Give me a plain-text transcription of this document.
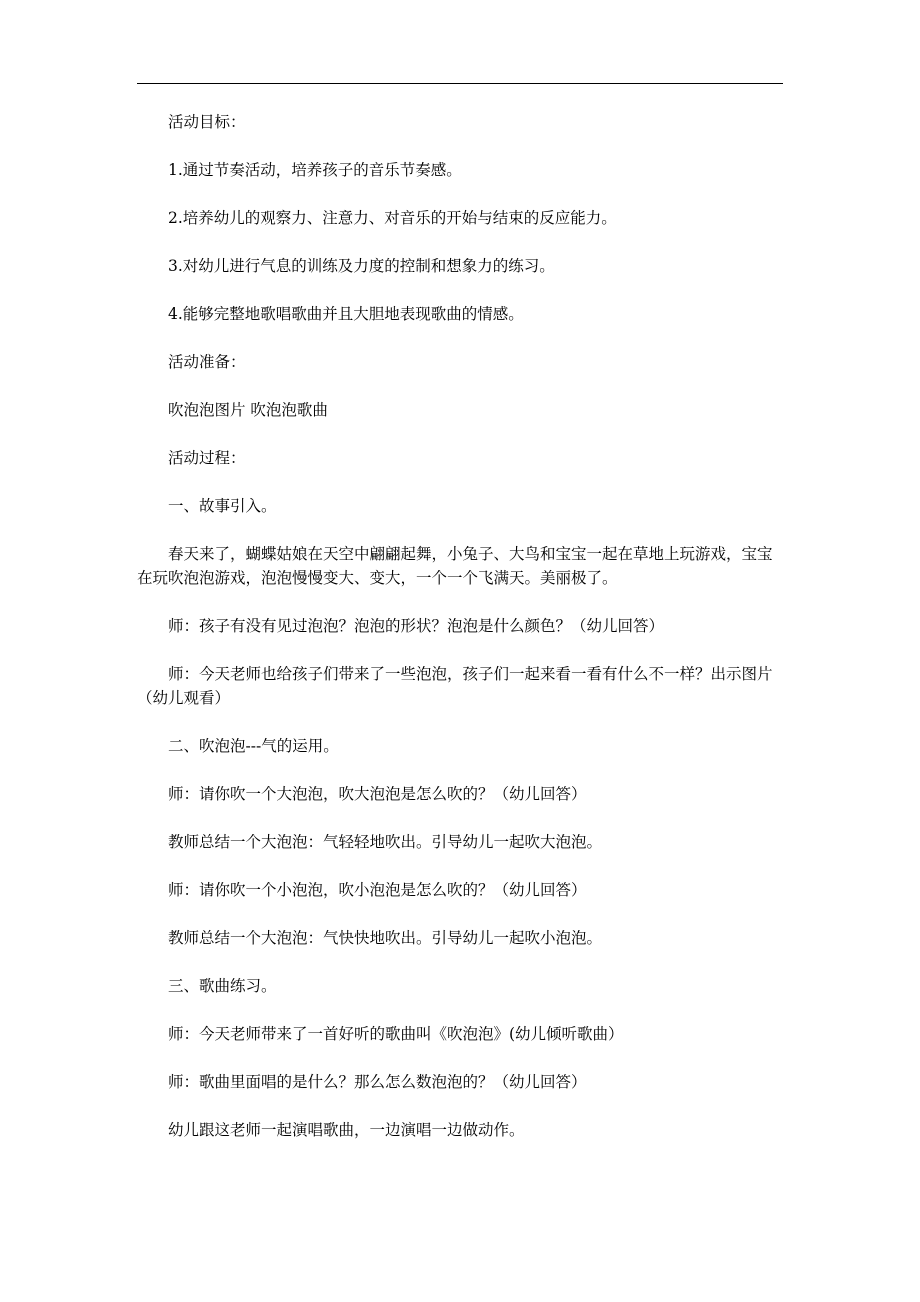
活动目标：

1.通过节奏活动，培养孩子的音乐节奏感。

2.培养幼儿的观察力、注意力、对音乐的开始与结束的反应能力。

3.对幼儿进行气息的训练及力度的控制和想象力的练习。

4.能够完整地歌唱歌曲并且大胆地表现歌曲的情感。

活动准备：

吹泡泡图片 吹泡泡歌曲

活动过程：

一、故事引入。

春天来了，蝴蝶姑娘在天空中翩翩起舞，小兔子、大鸟和宝宝一起在草地上玩游戏，宝宝在玩吹泡泡游戏，泡泡慢慢变大、变大，一个一个飞满天。美丽极了。

师：孩子有没有见过泡泡？泡泡的形状？泡泡是什么颜色？（幼儿回答）

师：今天老师也给孩子们带来了一些泡泡，孩子们一起来看一看有什么不一样？出示图片（幼儿观看）

二、吹泡泡---气的运用。

师：请你吹一个大泡泡，吹大泡泡是怎么吹的？（幼儿回答）

教师总结一个大泡泡：气轻轻地吹出。引导幼儿一起吹大泡泡。

师：请你吹一个小泡泡，吹小泡泡是怎么吹的？（幼儿回答）

教师总结一个大泡泡：气快快地吹出。引导幼儿一起吹小泡泡。

三、歌曲练习。

师：今天老师带来了一首好听的歌曲叫《吹泡泡》(幼儿倾听歌曲）

师：歌曲里面唱的是什么？那么怎么数泡泡的？（幼儿回答）

幼儿跟这老师一起演唱歌曲，一边演唱一边做动作。
